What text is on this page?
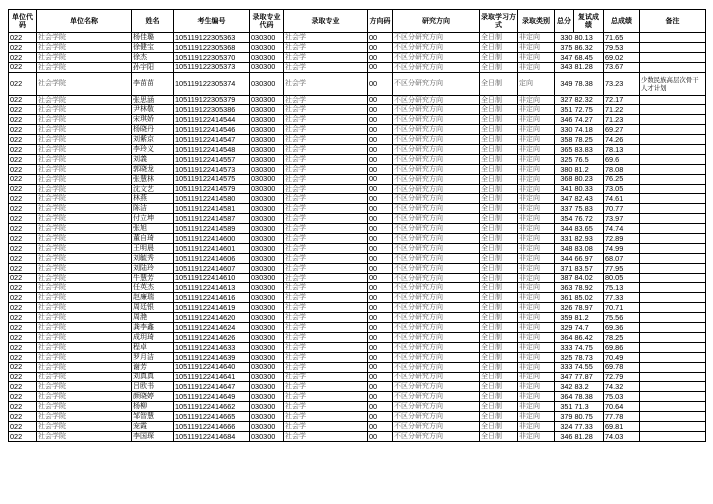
单位代码	单位名称	姓名	考生编号	录取专业代码	录取专业	方向码	研究方向	录取学习方式	录取类别	总分	复试成绩	总成绩	备注
022	社会学院	杨佳璐	105119122305363	030300	社会学	00	不区分研究方向	全日制	非定向	330	80.13	71.65	
022	社会学院	徐健宝	105119122305368	030300	社会学	00	不区分研究方向	全日制	非定向	375	86.32	79.53	
022	社会学院	徐杰	105119122305370	030300	社会学	00	不区分研究方向	全日制	非定向	347	68.45	69.02	
022	社会学院	孙宇阳	105119122305373	030300	社会学	00	不区分研究方向	全日制	非定向	343	81.28	73.67	
022	社会学院	李苗苗	105119122305374	030300	社会学	00	不区分研究方向	全日制	定向	349	78.38	73.23	少数民族高层次骨干人才计划
022	社会学院	张思涵	105119122305379	030300	社会学	00	不区分研究方向	全日制	非定向	327	82.32	72.17	
022	社会学院	尹林敬	105119122305386	030300	社会学	00	不区分研究方向	全日制	非定向	351	72.75	71.22	
022	社会学院	宋琪娇	105119122414544	030300	社会学	00	不区分研究方向	全日制	非定向	346	74.27	71.23	
022	社会学院	杨晓丹	105119122414546	030300	社会学	00	不区分研究方向	全日制	非定向	330	74.18	69.27	
022	社会学院	刘紫京	105119122414547	030300	社会学	00	不区分研究方向	全日制	非定向	358	78.25	74.26	
022	社会学院	李玲义	105119122414548	030300	社会学	00	不区分研究方向	全日制	非定向	365	83.83	78.13	
022	社会学院	刘義	105119122414557	030300	社会学	00	不区分研究方向	全日制	非定向	325	76.5	69.6	
022	社会学院	郭晓龙	105119122414573	030300	社会学	00	不区分研究方向	全日制	非定向	380	81.2	78.08	
022	社会学院	张慧林	105119122414575	030300	社会学	00	不区分研究方向	全日制	非定向	368	80.23	76.25	
022	社会学院	沈文艺	105119122414579	030300	社会学	00	不区分研究方向	全日制	非定向	341	80.33	73.05	
022	社会学院	林燕	105119122414580	030300	社会学	00	不区分研究方向	全日制	非定向	347	82.43	74.61	
022	社会学院	陈洁	105119122414581	030300	社会学	00	不区分研究方向	全日制	非定向	337	75.83	70.77	
022	社会学院	付立坤	105119122414587	030300	社会学	00	不区分研究方向	全日制	非定向	354	76.72	73.97	
022	社会学院	张旭	105119122414589	030300	社会学	00	不区分研究方向	全日制	非定向	344	83.65	74.74	
022	社会学院	董自琦	105119122414600	030300	社会学	00	不区分研究方向	全日制	非定向	331	82.93	72.89	
022	社会学院	王明晨	105119122414601	030300	社会学	00	不区分研究方向	全日制	非定向	348	83.08	74.99	
022	社会学院	刘毓秀	105119122414606	030300	社会学	00	不区分研究方向	全日制	非定向	344	66.97	68.07	
022	社会学院	刘陆玲	105119122414607	030300	社会学	00	不区分研究方向	全日制	非定向	371	83.57	77.95	
022	社会学院	牛慧芳	105119122414610	030300	社会学	00	不区分研究方向	全日制	非定向	387	84.02	80.05	
022	社会学院	任英杰	105119122414613	030300	社会学	00	不区分研究方向	全日制	非定向	363	78.92	75.13	
022	社会学院	赵廉瑞	105119122414616	030300	社会学	00	不区分研究方向	全日制	非定向	361	85.02	77.33	
022	社会学院	周廷银	105119122414619	030300	社会学	00	不区分研究方向	全日制	非定向	326	78.97	70.71	
022	社会学院	周滟	105119122414620	030300	社会学	00	不区分研究方向	全日制	非定向	359	81.2	75.56	
022	社会学院	龚李鑫	105119122414624	030300	社会学	00	不区分研究方向	全日制	非定向	329	74.7	69.36	
022	社会学院	成玥琦	105119122414626	030300	社会学	00	不区分研究方向	全日制	非定向	364	86.42	78.25	
022	社会学院	程卓	105119122414633	030300	社会学	00	不区分研究方向	全日制	非定向	333	74.75	69.86	
022	社会学院	罗月洁	105119122414639	030300	社会学	00	不区分研究方向	全日制	非定向	325	78.73	70.49	
022	社会学院	谢芳	105119122414640	030300	社会学	00	不区分研究方向	全日制	非定向	333	74.55	69.78	
022	社会学院	刘真真	105119122414641	030300	社会学	00	不区分研究方向	全日制	非定向	347	77.87	72.79	
022	社会学院	吕欧书	105119122414647	030300	社会学	00	不区分研究方向	全日制	非定向	342	83.2	74.32	
022	社会学院	颜晓婷	105119122414649	030300	社会学	00	不区分研究方向	全日制	非定向	364	78.38	75.03	
022	社会学院	杨柳	105119122414662	030300	社会学	00	不区分研究方向	全日制	非定向	351	71.3	70.64	
022	社会学院	邹智慧	105119122414665	030300	社会学	00	不区分研究方向	全日制	非定向	379	80.75	77.78	
022	社会学院	宠霞	105119122414666	030300	社会学	00	不区分研究方向	全日制	非定向	324	77.33	69.81	
022	社会学院	李国琛	105119122414684	030300	社会学	00	不区分研究方向	全日制	非定向	346	81.28	74.03	
